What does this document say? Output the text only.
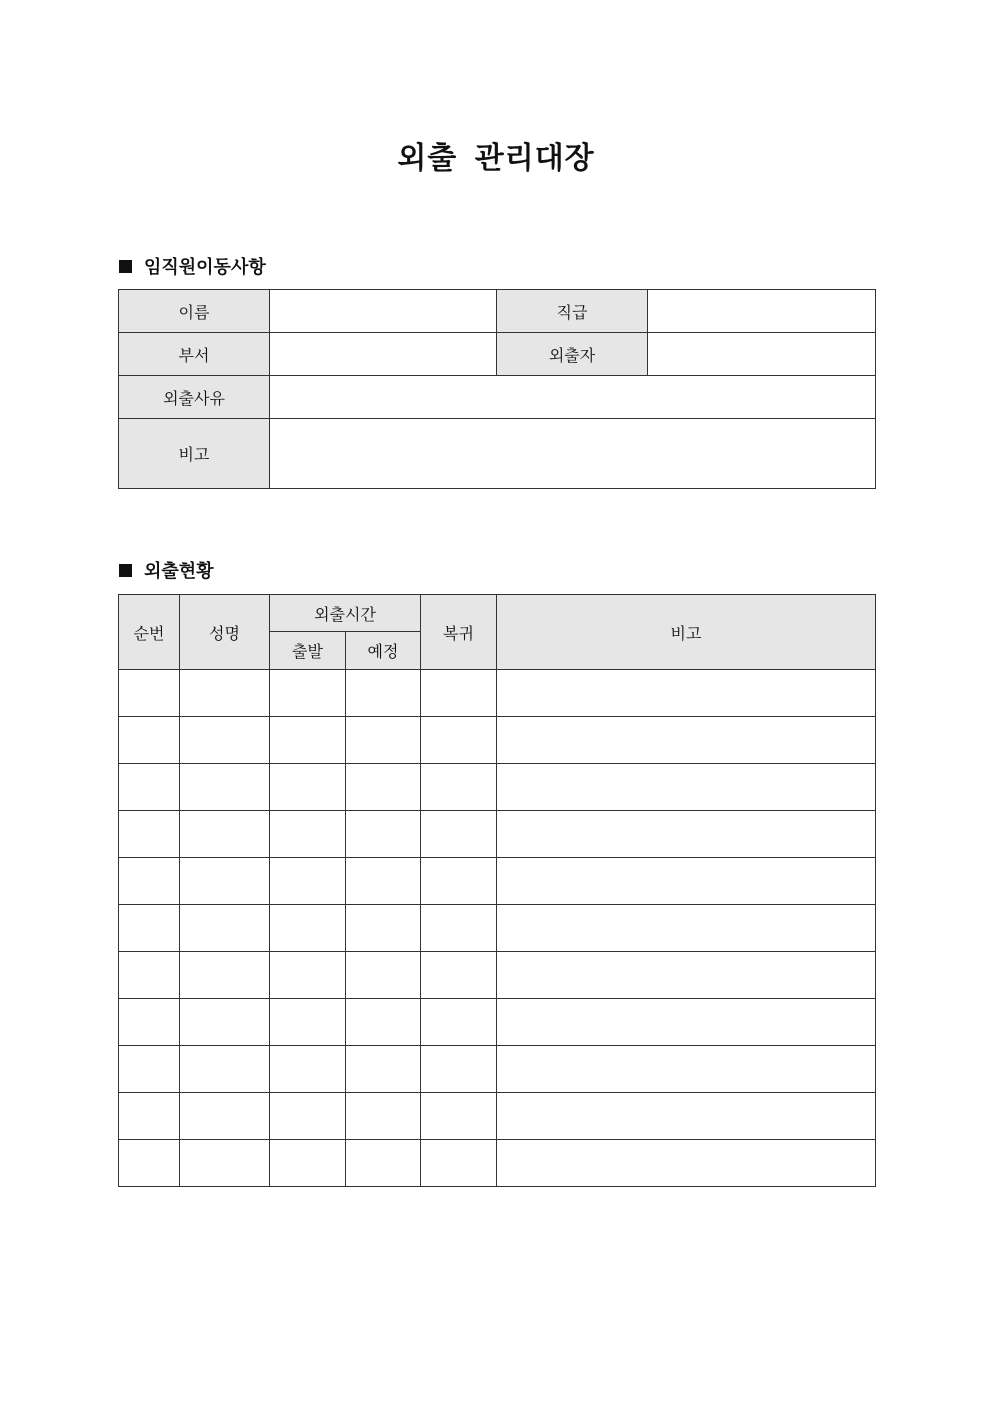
외출 관리대장
임직원이동사항
이름		직급	
부서		외출자	
외출사유			
비고			
외출현황
순번	성명	외출시간		복귀	비고
		출발	예정		
